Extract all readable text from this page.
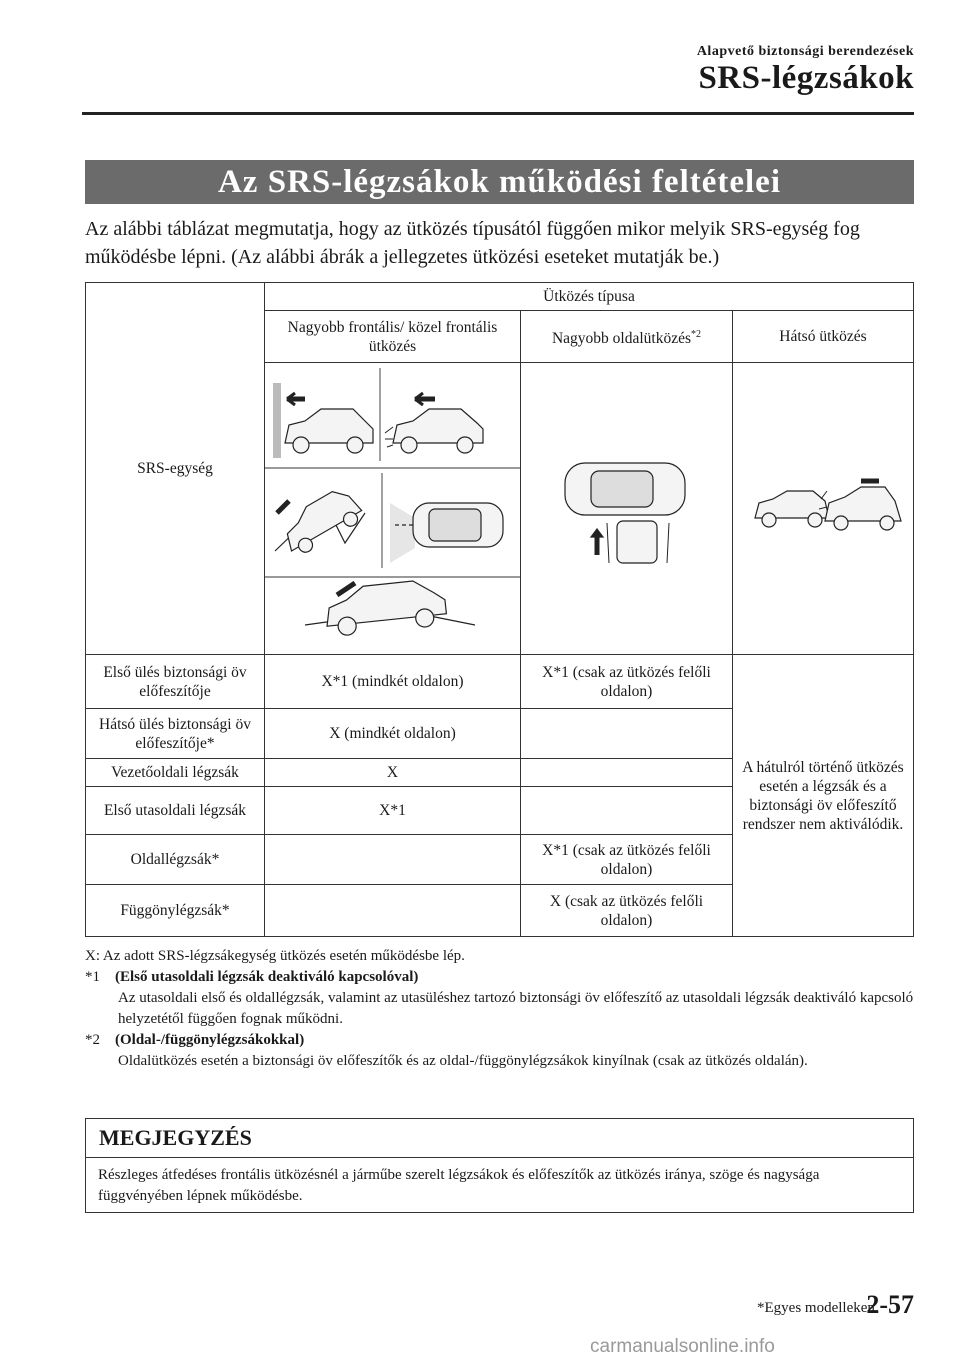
Alapvető biztonsági berendezések
SRS-légzsákok
Az SRS-légzsákok működési feltételei
Az alábbi táblázat megmutatja, hogy az ütközés típusától függően mikor melyik SRS-egység fog működésbe lépni. (Az alábbi ábrák a jellegzetes ütközési eseteket mutatják be.)
SRS-egység	Ütközés típusa		
	Nagyobb frontális/ közel frontális ütközés	Nagyobb oldalütközés$^{*2}$	Hátsó ütközés

Első ülés biztonsági öv előfeszítője	X*1 (mindkét oldalon)	X*1 (csak az ütközés felőli oldalon)	A hátulról történő ütközés esetén a légzsák és a biztonsági öv előfeszítő rendszer nem aktiválódik.
Hátsó ülés biztonsági öv előfeszítője*	X (mindkét oldalon)		
Vezetőoldali légzsák	X		
Első utasoldali légzsák	X*1		
Oldallégzsák*		X*1 (csak az ütközés felőli oldalon)	
Függönylégzsák*		X (csak az ütközés felőli oldalon)	
X: Az adott SRS-légzsákegység ütközés esetén működésbe lép.
*1 (Első utasoldali légzsák deaktiváló kapcsolóval)
Az utasoldali első és oldallégzsák, valamint az utasüléshez tartozó biztonsági öv előfeszítő az utasoldali légzsák deaktiváló kapcsoló helyzetétől függően fognak működni.
*2 (Oldal-/függönylégzsákokkal)
Oldalütközés esetén a biztonsági öv előfeszítők és az oldal-/függönylégzsákok kinyílnak (csak az ütközés oldalán).
MEGJEGYZÉS
Részleges átfedéses frontális ütközésnél a járműbe szerelt légzsákok és előfeszítők az ütközés iránya, szöge és nagysága függvényében lépnek működésbe.
*Egyes modelleken.
2-57
carmanualsonline.info
